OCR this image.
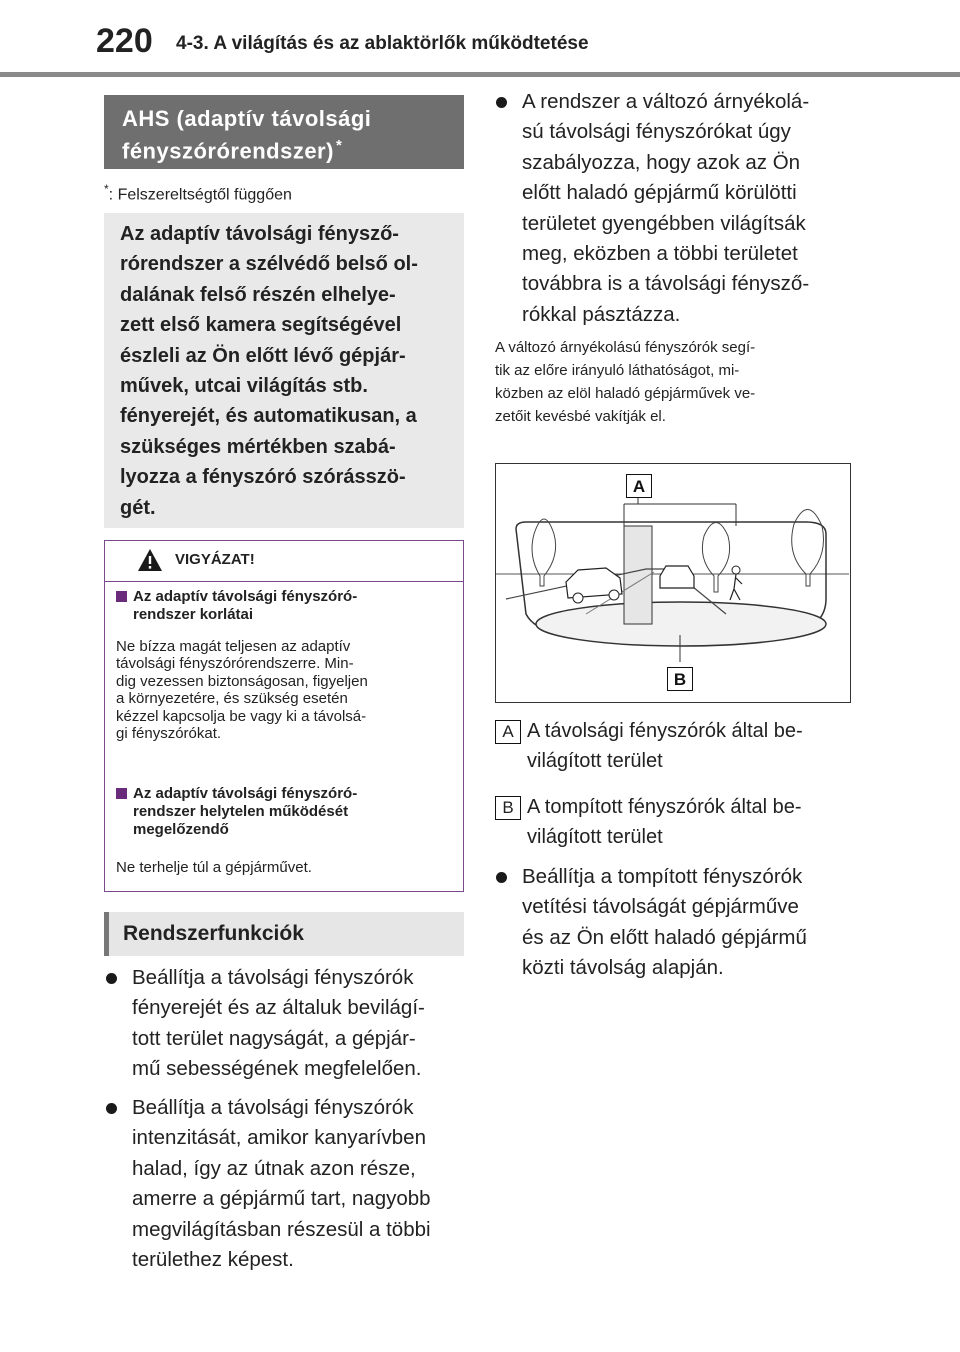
220 4-3. A világítás és az ablaktörlők működtetése
AHS (adaptív távolsági
fényszórórendszer) *
*: Felszereltségtől függően
Az adaptív távolsági fénysző-
rórendszer a szélvédő belső ol-
dalának felső részén elhelye-
zett első kamera segítségével
észleli az Ön előtt lévő gépjár-
művek, utcai világítás stb.
fényerejét, és automatikusan, a
szükséges mértékben szabá-
lyozza a fényszóró szórásszö-
gét.
VIGYÁZAT!
Az adaptív távolsági fényszóró-
rendszer korlátai
Ne bízza magát teljesen az adaptív
távolsági fényszórórendszerre. Min-
dig vezessen biztonságosan, figyeljen
a környezetére, és szükség esetén
kézzel kapcsolja be vagy ki a távolsá-
gi fényszórókat.
Az adaptív távolsági fényszóró-
rendszer helytelen működését
megelőzendő
Ne terhelje túl a gépjárművet.
Rendszerfunkciók
Beállítja a távolsági fényszórók
fényerejét és az általuk bevilágí-
tott terület nagyságát, a gépjár-
mű sebességének megfelelően.
Beállítja a távolsági fényszórók
intenzitását, amikor kanyarívben
halad, így az útnak azon része,
amerre a gépjármű tart, nagyobb
megvilágításban részesül a többi
területhez képest.
A rendszer a változó árnyékolá-
sú távolsági fényszórókat úgy
szabályozza, hogy azok az Ön
előtt haladó gépjármű körülötti
területet gyengébben világítsák
meg, eközben a többi területet
továbbra is a távolsági fénysző-
rókkal pásztázza.
A változó árnyékolású fényszórók segí-
tik az előre irányuló láthatóságot, mi-
közben az elöl haladó gépjárművek ve-
zetőit kevésbé vakítják el.
A
B
A A távolsági fényszórók által be-
világított terület
B A tompított fényszórók által be-
világított terület
Beállítja a tompított fényszórók
vetítési távolságát gépjárműve
és az Ön előtt haladó gépjármű
közti távolság alapján.
